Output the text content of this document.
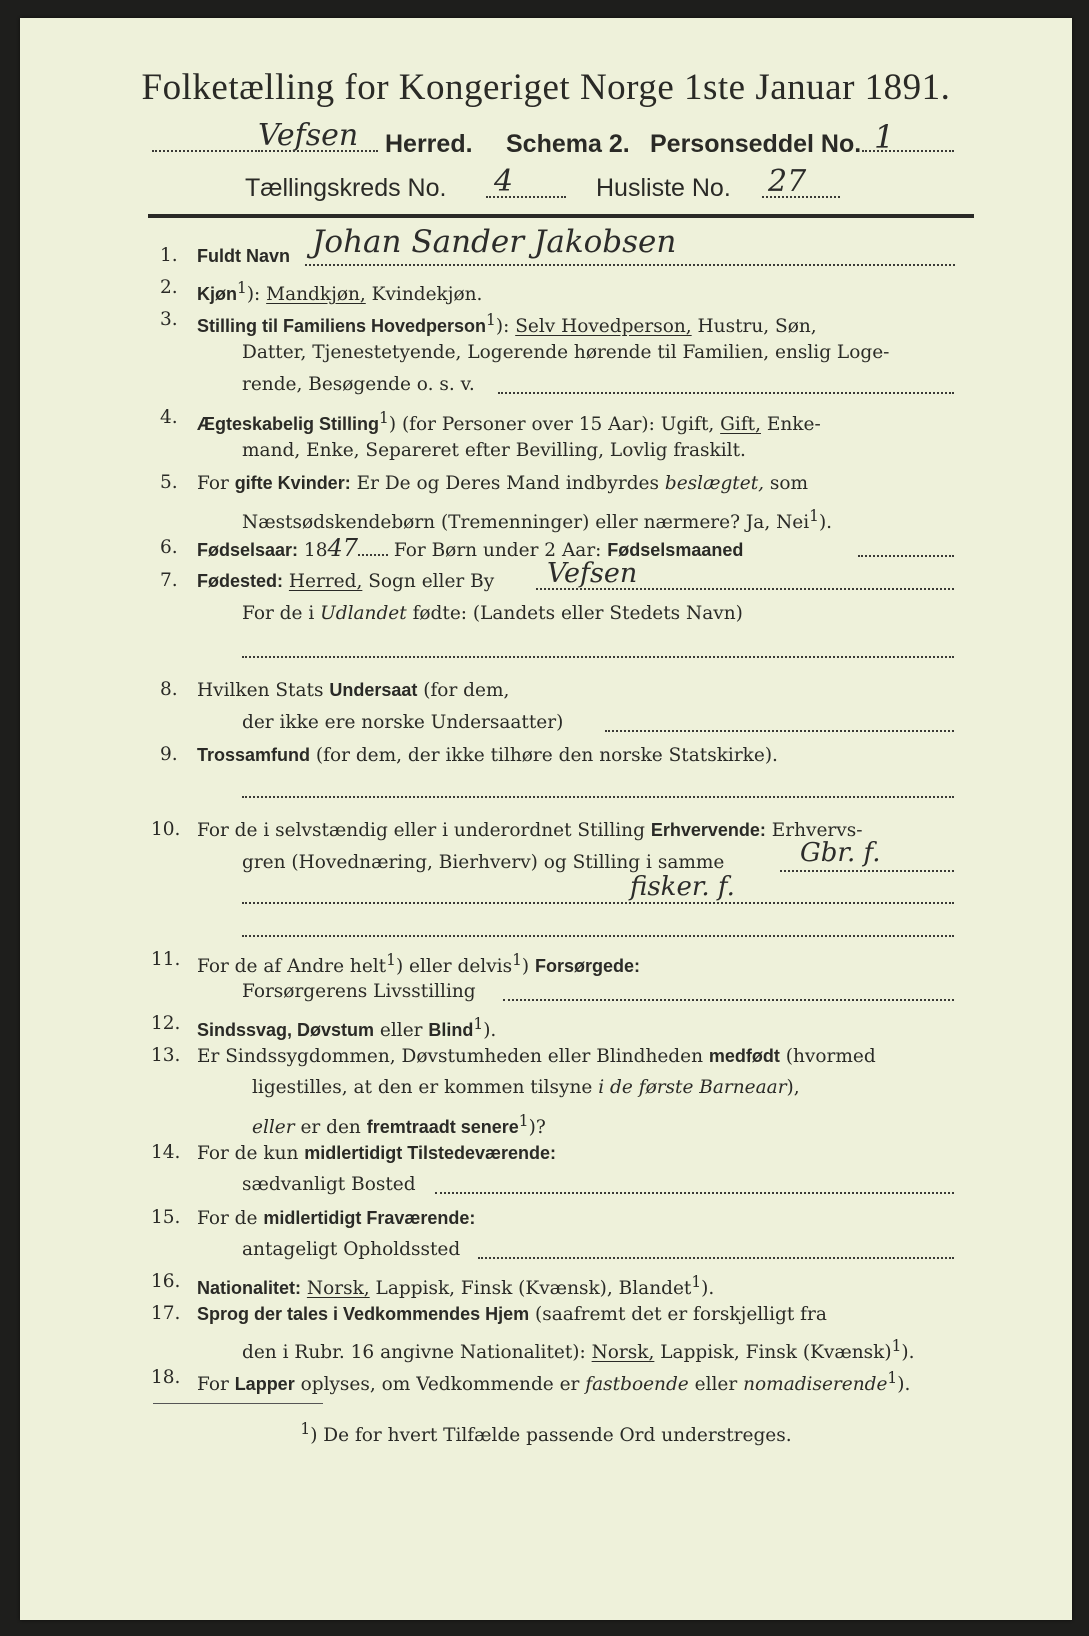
Folketælling for Kongeriget Norge 1ste Januar 1891.
Vefsen Herred. Schema 2. Personseddel No. 1
Tællingskreds No. 4	Husliste No. 27
1. Fuldt Navn Johan Sander Jakobsen
2. Kjøn$^1$): Mandkjøn, Kvindekjøn.
3. Stilling til Familiens Hovedperson$^1$): Selv Hovedperson, Hustru, Søn,
Datter, Tjenestetyende, Logerende hørende til Familien, enslig Loge-
rende, Besøgende o. s. v.
4. Ægteskabelig Stilling$^1$) (for Personer over 15 Aar): Ugift, Gift, Enke-
mand, Enke, Separeret efter Bevilling, Lovlig fraskilt.
5. For gifte Kvinder: Er De og Deres Mand indbyrdes beslægtet, som
Næstsødskendebørn (Tremenninger) eller nærmere? Ja, Nei$^1$).
6. Fødselsaar: 1847 For Børn under 2 Aar: Fødselsmaaned
7. Fødested: Herred, Sogn eller By Vefsen
For de i Udlandet fødte: (Landets eller Stedets Navn)
8. Hvilken Stats Undersaat (for dem,
der ikke ere norske Undersaatter)
9. Trossamfund (for dem, der ikke tilhøre den norske Statskirke).
10. For de i selvstændig eller i underordnet Stilling Erhvervende: Erhvervs-
gren (Hovednæring, Bierhverv) og Stilling i samme	Gbr. f.
fisker. f.
11. For de af Andre helt$^1$) eller delvis$^1$) Forsørgede:
Forsørgerens Livsstilling
12. Sindssvag, Døvstum eller Blind$^1$).
13. Er Sindssygdommen, Døvstumheden eller Blindheden medfødt (hvormed
ligestilles, at den er kommen tilsyne i de første Barneaar),
eller er den fremtraadt senere$^1$)?
14. For de kun midlertidigt Tilstedeværende:
sædvanligt Bosted
15. For de midlertidigt Fraværende:
antageligt Opholdssted
16. Nationalitet: Norsk, Lappisk, Finsk (Kvænsk), Blandet$^1$).
17. Sprog der tales i Vedkommendes Hjem (saafremt det er forskjelligt fra
den i Rubr. 16 angivne Nationalitet): Norsk, Lappisk, Finsk (Kvænsk)$^1$).
18. For Lapper oplyses, om Vedkommende er fastboende eller nomadiserende$^1$).
$^1$) De for hvert Tilfælde passende Ord understreges.
